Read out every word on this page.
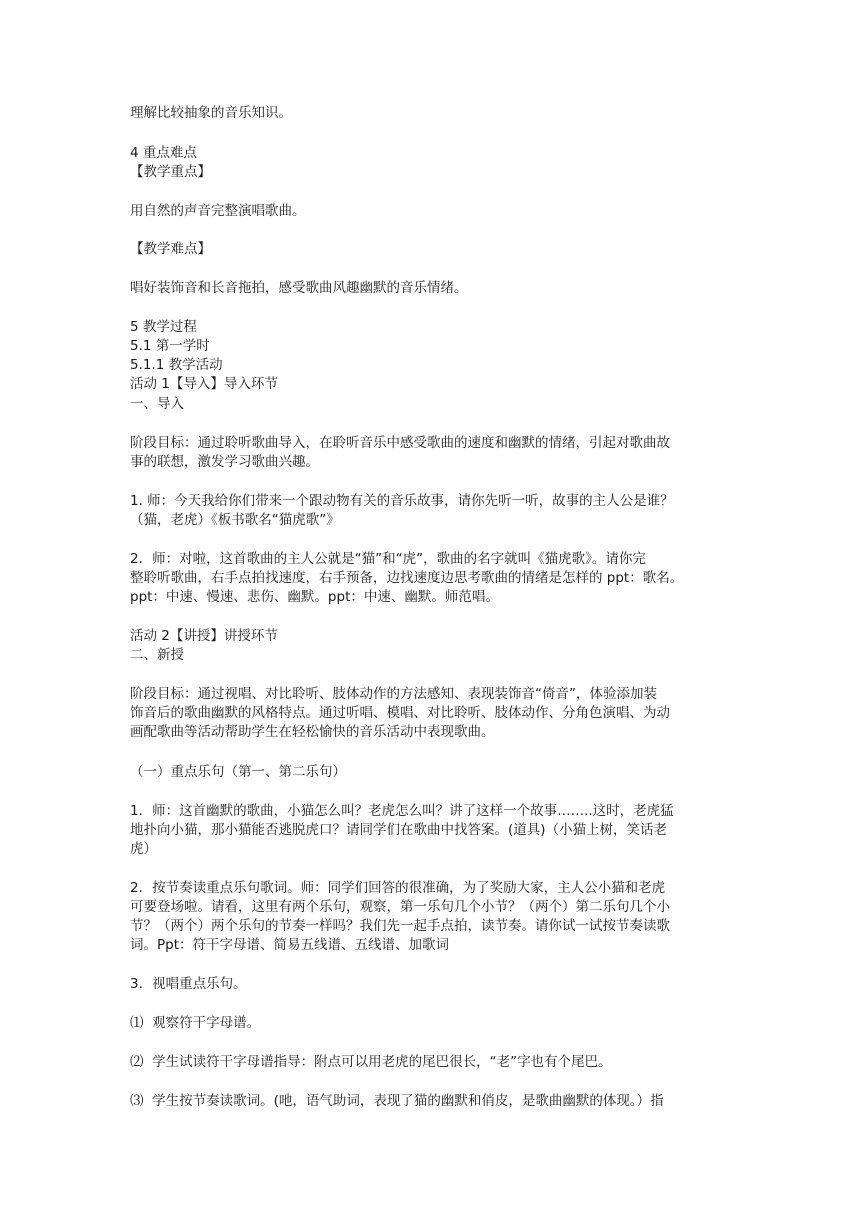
理解比较抽象的音乐知识。
4 重点难点
【教学重点】
用自然的声音完整演唱歌曲。
【教学难点】
唱好装饰音和长音拖拍，感受歌曲风趣幽默的音乐情绪。
5 教学过程
5.1 第一学时
5.1.1 教学活动
活动 1【导入】导入环节
一、导入
阶段目标：通过聆听歌曲导入，在聆听音乐中感受歌曲的速度和幽默的情绪，引起对歌曲故
事的联想，激发学习歌曲兴趣。
1. 师：今天我给你们带来一个跟动物有关的音乐故事，请你先听一听，故事的主人公是谁？
（猫，老虎）《板书歌名“猫虎歌”》
2．师：对啦，这首歌曲的主人公就是“猫”和“虎”，歌曲的名字就叫《猫虎歌》。请你完
整聆听歌曲，右手点拍找速度，右手预备，边找速度边思考歌曲的情绪是怎样的 ppt：歌名。
ppt：中速、慢速、悲伤、幽默。ppt：中速、幽默。师范唱。
活动 2【讲授】讲授环节
二、新授
阶段目标：通过视唱、对比聆听、肢体动作的方法感知、表现装饰音“倚音”，体验添加装
饰音后的歌曲幽默的风格特点。通过听唱、模唱、对比聆听、肢体动作、分角色演唱、为动
画配歌曲等活动帮助学生在轻松愉快的音乐活动中表现歌曲。
（一）重点乐句（第一、第二乐句）
1．师：这首幽默的歌曲，小猫怎么叫？老虎怎么叫？讲了这样一个故事……..这时，老虎猛
地扑向小猫，那小猫能否逃脱虎口？请同学们在歌曲中找答案。(道具)（小猫上树，笑话老
虎）
2．按节奏读重点乐句歌词。师：同学们回答的很准确，为了奖励大家，主人公小猫和老虎
可要登场啦。请看，这里有两个乐句，观察，第一乐句几个小节？（两个）第二乐句几个小
节？（两个）两个乐句的节奏一样吗？我们先一起手点拍，读节奏。请你试一试按节奏读歌
词。Ppt：符干字母谱、简易五线谱、五线谱、加歌词
3．视唱重点乐句。
⑴  观察符干字母谱。
⑵  学生试读符干字母谱指导：附点可以用老虎的尾巴很长，“老”字也有个尾巴。
⑶  学生按节奏读歌词。(吔，语气助词，表现了猫的幽默和俏皮，是歌曲幽默的体现。）指
